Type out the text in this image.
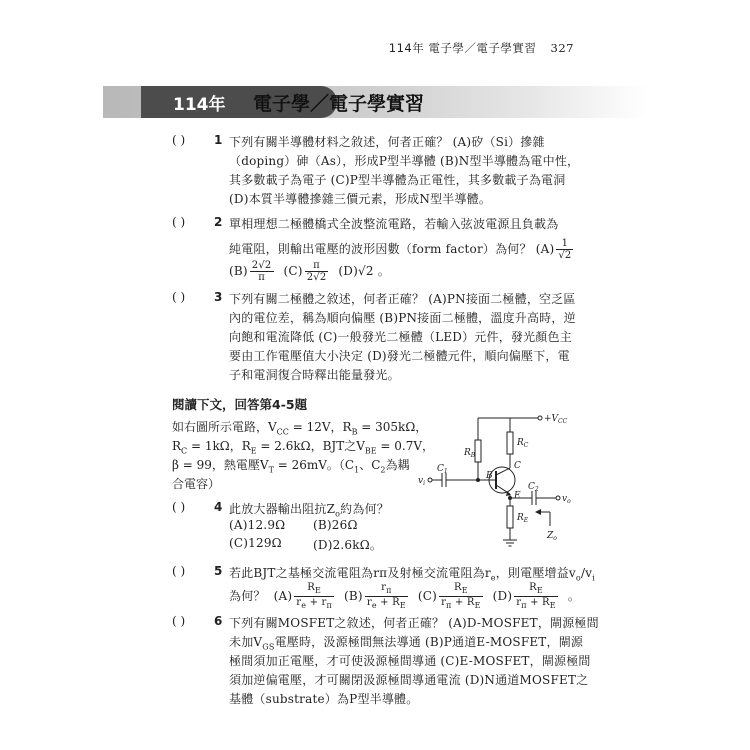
114年 電子學／電子學實習 327
114年 電子學／電子學實習
( ) 1 下列有關半導體材料之敘述，何者正確？ (A)矽（Si）摻雜
（doping）砷（As），形成P型半導體 (B)N型半導體為電中性，
其多數載子為電子 (C)P型半導體為正電性，其多數載子為電洞
(D)本質半導體摻雜三價元素，形成N型半導體。
( ) 2 單相理想二極體橋式全波整流電路，若輸入弦波電源且負載為
純電阻，則輸出電壓的波形因數（form factor）為何？ $(A) \frac{1}{√2}$
$(B) \frac{2√2}{\pi} (C) \frac{\pi}{2√2} (D)√2$ 。
( ) 3 下列有關二極體之敘述，何者正確？ (A)PN接面二極體，空乏區
內的電位差，稱為順向偏壓 (B)PN接面二極體，溫度升高時，逆
向飽和電流降低 (C)一般發光二極體（LED）元件，發光顏色主
要由工作電壓值大小決定 (D)發光二極體元件，順向偏壓下，電
子和電洞復合時釋出能量發光。
閱讀下文，回答第4-5題
如右圖所示電路，$V_{CC} = 12V$，$R_B = 305k\Omega$，
$R_C = 1k\Omega$，$R_E = 2.6k\Omega$，BJT之$V_{BE} = 0.7V$，
β = 99，熱電壓$V_T = 26mV$。（$C_1$、$C_2$為耦
合電容）
$+V_{CC}$
$R_B$
$R_C$
$R_E$
$C_1$
$C_2$
$v_i$
$v_o$
B
C
E
$Z_o$
( ) 4 此放大器輸出阻抗$Z_o$約為何？
(A)12.9Ω (B)26Ω
(C)129Ω	(D)2.6kΩ。
( ) 5 若此BJT之基極交流電阻為rπ及射極交流電阻為$r_e$，則電壓增益$v_o/v_i$
為何？ $(A) \frac{R_E}{r_e + r_\pi} (B) \frac{r_\pi}{r_e + R_E} (C) \frac{R_E}{r_\pi + R_E} (D) \frac{R_E}{r_\pi + R_E}$ 。
( ) 6 下列有關MOSFET之敘述，何者正確？ (A)D-MOSFET，閘源極間
未加$V_{GS}$電壓時，汲源極間無法導通 (B)P通道E-MOSFET，閘源
極間須加正電壓，才可使汲源極間導通 (C)E-MOSFET，閘源極間
須加逆偏電壓，才可關閉汲源極間導通電流 (D)N通道MOSFET之
基體（substrate）為P型半導體。
